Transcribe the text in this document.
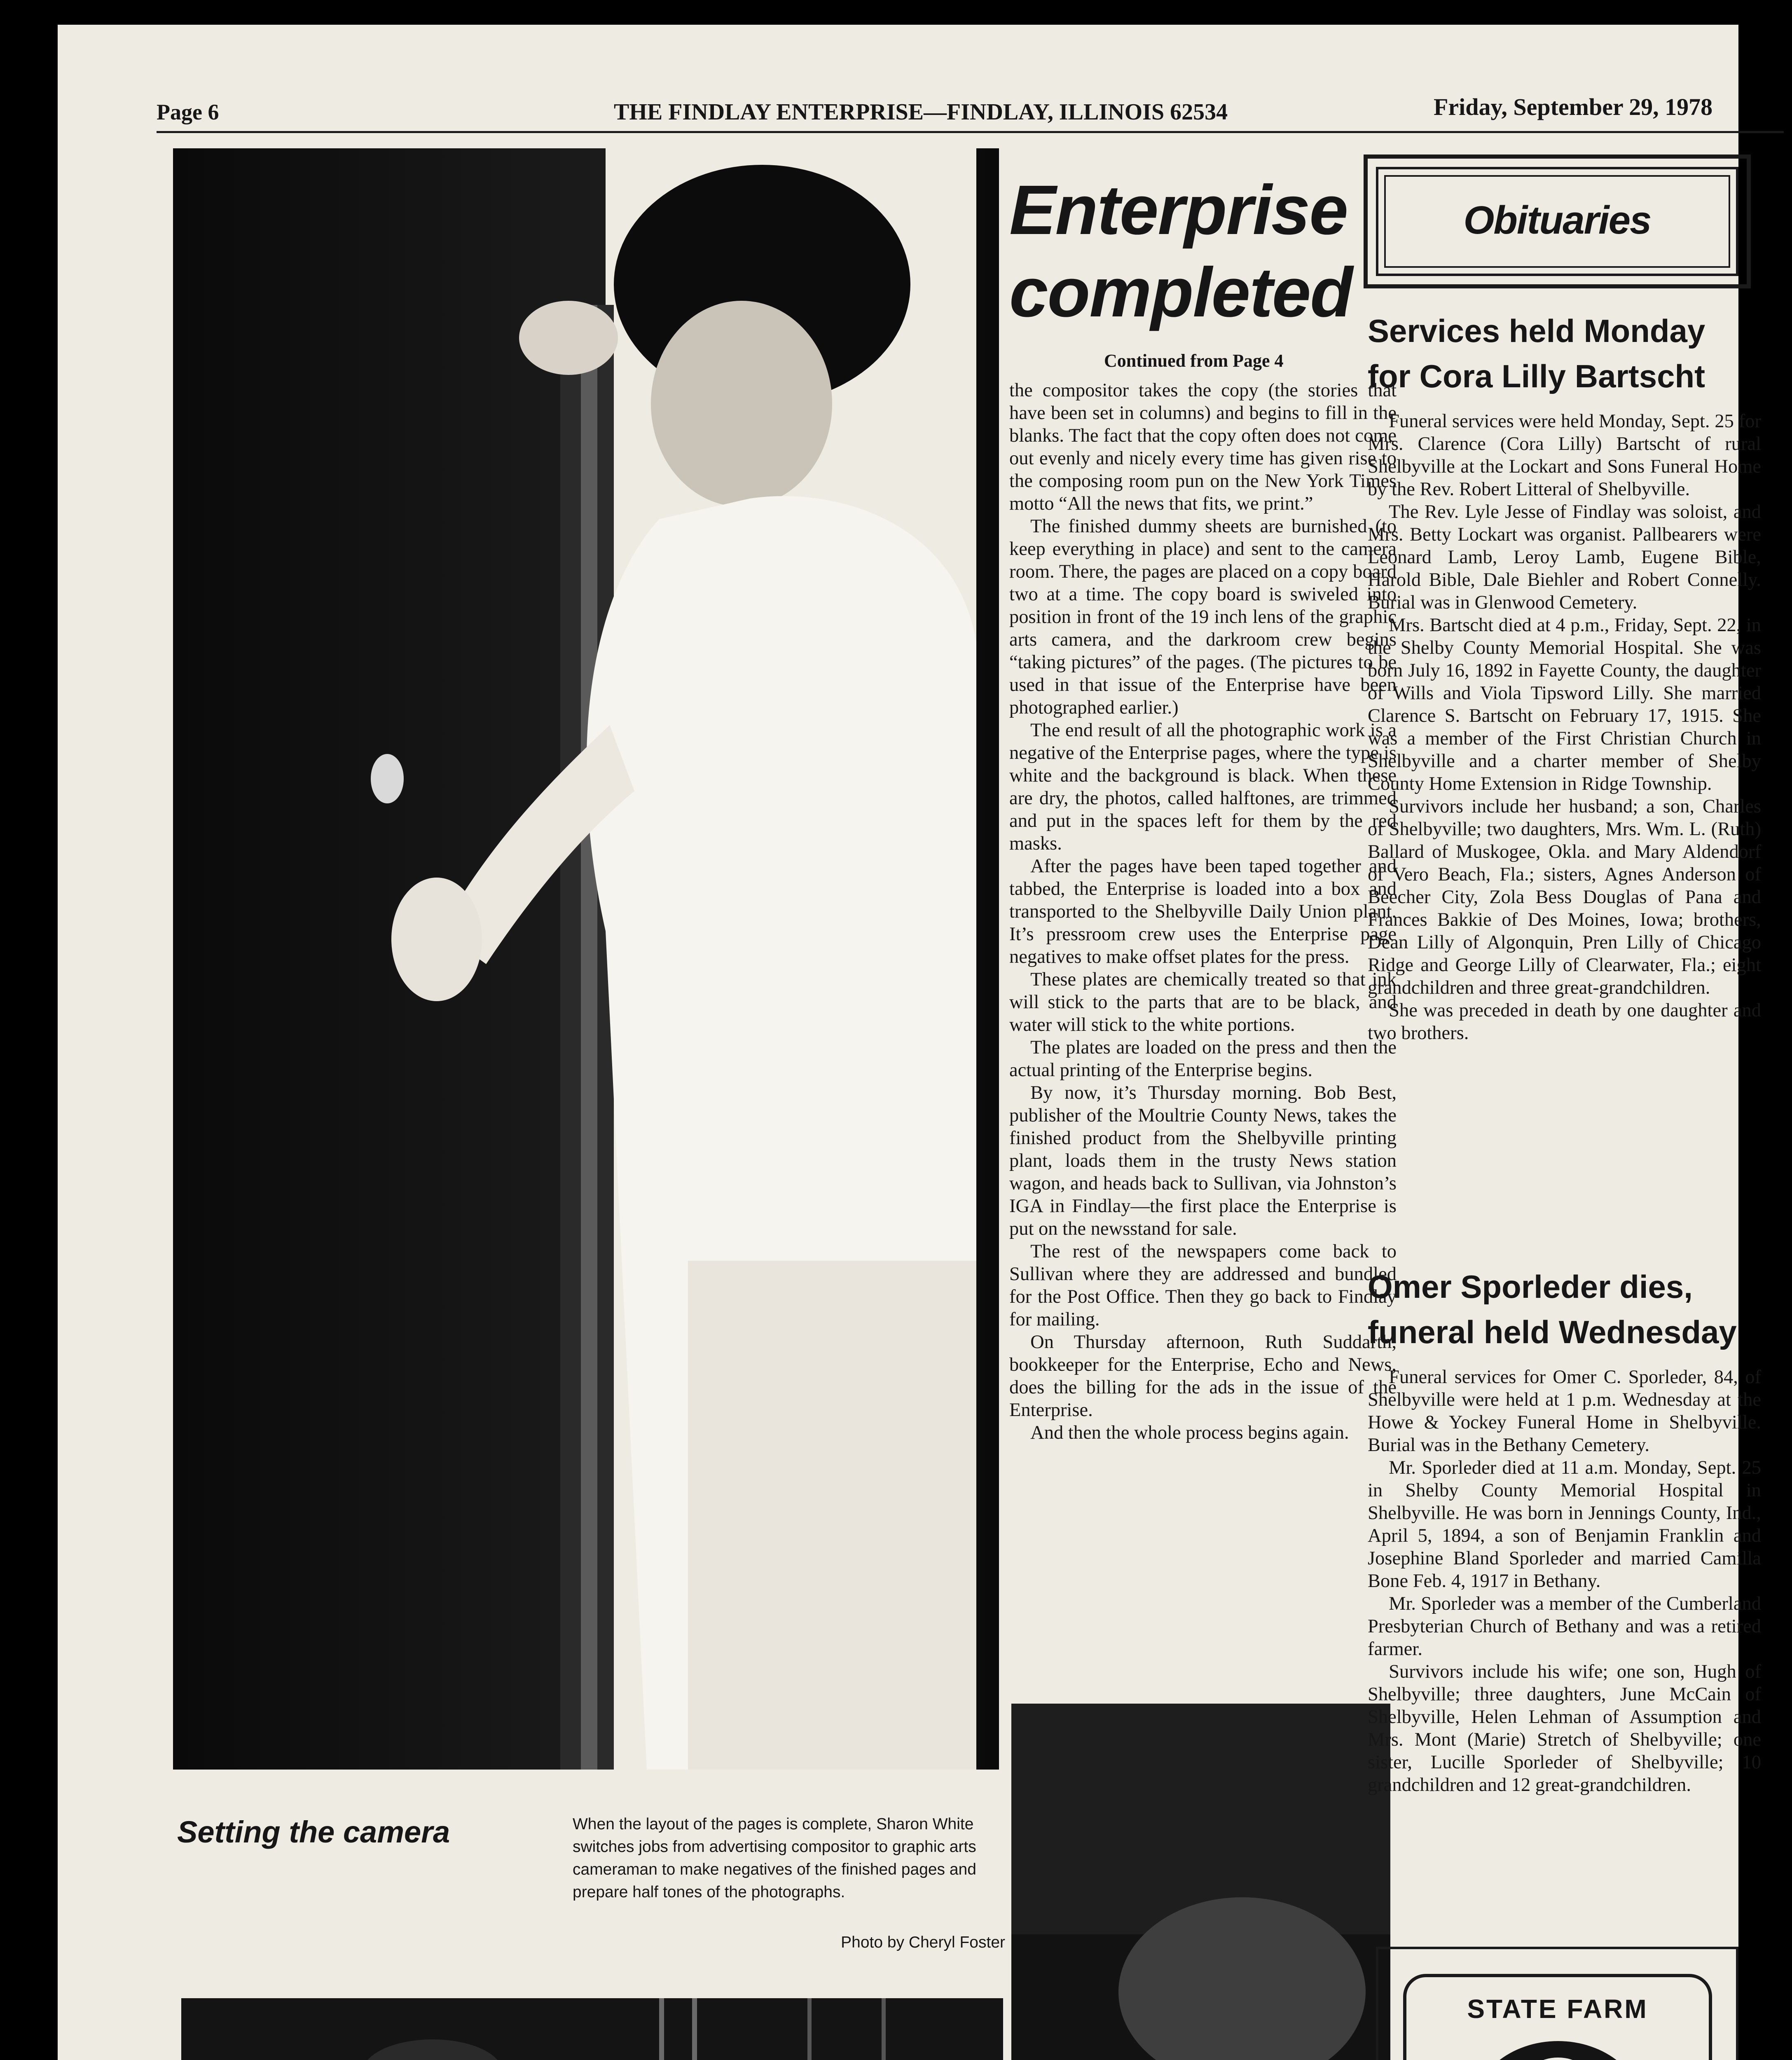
Page 6	THE FINDLAY ENTERPRISE—FINDLAY, ILLINOIS 62534	Friday, September 29, 1978
Enterprise
completed
Continued from Page 4

the compositor takes the copy (the stories that have been set in columns) and begins to fill in the blanks. The fact that the copy often does not come out evenly and nicely every time has given rise to the composing room pun on the New York Times motto “All the news that fits, we print.”

The finished dummy sheets are burnished (to keep everything in place) and sent to the camera room. There, the pages are placed on a copy board two at a time. The copy board is swiveled into position in front of the 19 inch lens of the graphic arts camera, and the darkroom crew begins “taking pictures” of the pages. (The pictures to be used in that issue of the Enterprise have been photographed earlier.)

The end result of all the photographic work is a negative of the Enterprise pages, where the type is white and the background is black. When these are dry, the photos, called halftones, are trimmed and put in the spaces left for them by the red masks.

After the pages have been taped together and tabbed, the Enterprise is loaded into a box and transported to the Shelbyville Daily Union plant. It’s pressroom crew uses the Enterprise page negatives to make offset plates for the press.

These plates are chemically treated so that ink will stick to the parts that are to be black, and water will stick to the white portions.

The plates are loaded on the press and then the actual printing of the Enterprise begins.

By now, it’s Thursday morning. Bob Best, publisher of the Moultrie County News, takes the finished product from the Shelbyville printing plant, loads them in the trusty News station wagon, and heads back to Sullivan, via Johnston’s IGA in Findlay—the first place the Enterprise is put on the newsstand for sale.

The rest of the newspapers come back to Sullivan where they are addressed and bundled for the Post Office. Then they go back to Findlay for mailing.

On Thursday afternoon, Ruth Suddarth, bookkeeper for the Enterprise, Echo and News, does the billing for the ads in the issue of the Enterprise.

And then the whole process begins again.

Setting the camera	When the layout of the pages is complete, Sharon White switches jobs from advertising compositor to graphic arts cameraman to make negatives of the finished pages and prepare half tones of the photographs.
Photo by Cheryl Foster
Obituaries
Services held Monday
for Cora Lilly Bartscht

Funeral services were held Monday, Sept. 25 for Mrs. Clarence (Cora Lilly) Bartscht of rural Shelbyville at the Lockart and Sons Funeral Home by the Rev. Robert Litteral of Shelbyville.

The Rev. Lyle Jesse of Findlay was soloist, and Mrs. Betty Lockart was organist. Pallbearers were Leonard Lamb, Leroy Lamb, Eugene Bible, Harold Bible, Dale Biehler and Robert Connelly. Burial was in Glenwood Cemetery.

Mrs. Bartscht died at 4 p.m., Friday, Sept. 22, in the Shelby County Memorial Hospital. She was born July 16, 1892 in Fayette County, the daughter of Wills and Viola Tipsword Lilly. She married Clarence S. Bartscht on February 17, 1915. She was a member of the First Christian Church in Shelbyville and a charter member of Shelby County Home Extension in Ridge Township.

Survivors include her husband; a son, Charles of Shelbyville; two daughters, Mrs. Wm. L. (Ruth) Ballard of Muskogee, Okla. and Mary Aldendorf of Vero Beach, Fla.; sisters, Agnes Anderson of Beecher City, Zola Bess Douglas of Pana and Frances Bakkie of Des Moines, Iowa; brothers, Dean Lilly of Algonquin, Pren Lilly of Chicago Ridge and George Lilly of Clearwater, Fla.; eight grandchildren and three great-grandchildren.

She was preceded in death by one daughter and two brothers.

Omer Sporleder dies,
funeral held Wednesday

Funeral services for Omer C. Sporleder, 84, of Shelbyville were held at 1 p.m. Wednesday at the Howe & Yockey Funeral Home in Shelbyville. Burial was in the Bethany Cemetery.

Mr. Sporleder died at 11 a.m. Monday, Sept. 25 in Shelby County Memorial Hospital in Shelbyville. He was born in Jennings County, Ind., April 5, 1894, a son of Benjamin Franklin and Josephine Bland Sporleder and married Camilla Bone Feb. 4, 1917 in Bethany.

Mr. Sporleder was a member of the Cumberland Presbyterian Church of Bethany and was a retired farmer.

Survivors include his wife; one son, Hugh of Shelbyville; three daughters, June McCain of Shelbyville, Helen Lehman of Assumption and Mrs. Mont (Marie) Stretch of Shelbyville; one sister, Lucille Sporleder of Shelbyville; 10 grandchildren and 12 great-grandchildren.

STATE FARM
